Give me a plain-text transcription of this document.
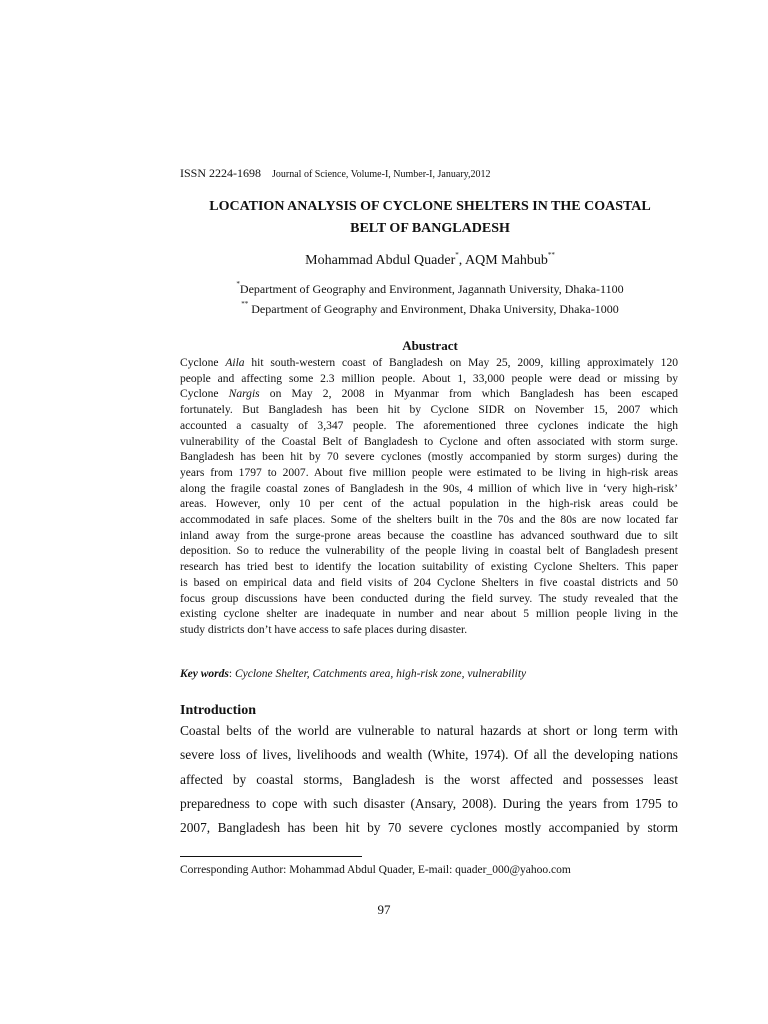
ISSN 2224-1698 Journal of Science, Volume-I, Number-I, January,2012
LOCATION ANALYSIS OF CYCLONE SHELTERS IN THE COASTAL
BELT OF BANGLADESH
Mohammad Abdul Quader*, AQM Mahbub**
*Department of Geography and Environment, Jagannath University, Dhaka-1100
** Department of Geography and Environment, Dhaka University, Dhaka-1000
Abustract
Cyclone Aila hit south-western coast of Bangladesh on May 25, 2009, killing approximately 120
people and affecting some 2.3 million people. About 1, 33,000 people were dead or missing by
Cyclone Nargis on May 2, 2008 in Myanmar from which Bangladesh has been escaped
fortunately. But Bangladesh has been hit by Cyclone SIDR on November 15, 2007 which
accounted a casualty of 3,347 people. The aforementioned three cyclones indicate the high
vulnerability of the Coastal Belt of Bangladesh to Cyclone and often associated with storm surge.
Bangladesh has been hit by 70 severe cyclones (mostly accompanied by storm surges) during the
years from 1797 to 2007. About five million people were estimated to be living in high-risk areas
along the fragile coastal zones of Bangladesh in the 90s, 4 million of which live in ‘very high-risk’
areas. However, only 10 per cent of the actual population in the high-risk areas could be
accommodated in safe places. Some of the shelters built in the 70s and the 80s are now located far
inland away from the surge-prone areas because the coastline has advanced southward due to silt
deposition. So to reduce the vulnerability of the people living in coastal belt of Bangladesh present
research has tried best to identify the location suitability of existing Cyclone Shelters. This paper
is based on empirical data and field visits of 204 Cyclone Shelters in five coastal districts and 50
focus group discussions have been conducted during the field survey. The study revealed that the
existing cyclone shelter are inadequate in number and near about 5 million people living in the
study districts don’t have access to safe places during disaster.
Key words: Cyclone Shelter, Catchments area, high-risk zone, vulnerability
Introduction
Coastal belts of the world are vulnerable to natural hazards at short or long term with
severe loss of lives, livelihoods and wealth (White, 1974). Of all the developing nations
affected by coastal storms, Bangladesh is the worst affected and possesses least
preparedness to cope with such disaster (Ansary, 2008). During the years from 1795 to
2007, Bangladesh has been hit by 70 severe cyclones mostly accompanied by storm
Corresponding Author: Mohammad Abdul Quader, E-mail: quader_000@yahoo.com
97
